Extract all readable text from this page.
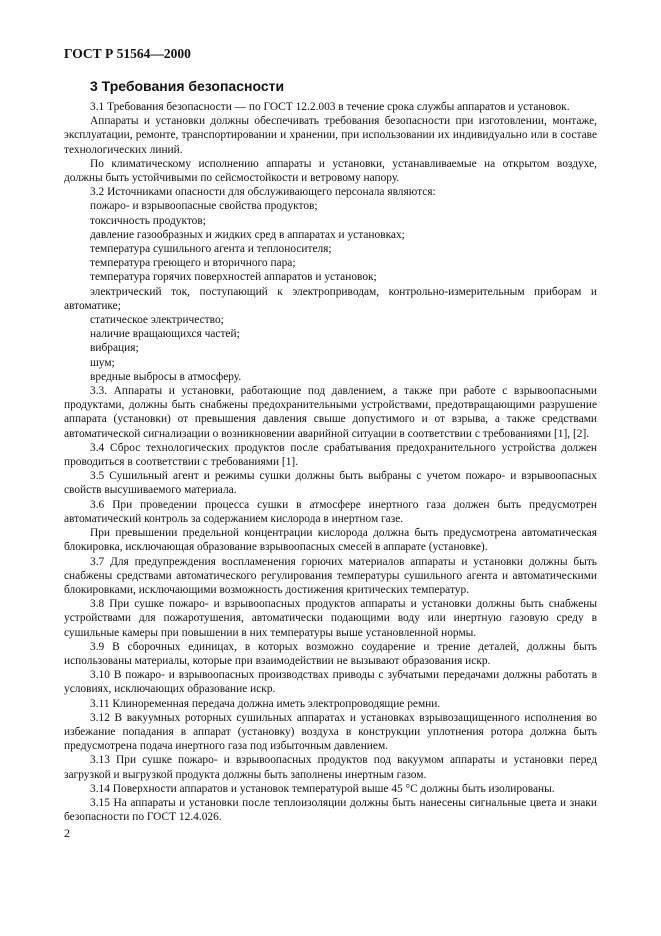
ГОСТ Р 51564—2000
3 Требования безопасности

3.1 Требования безопасности — по ГОСТ 12.2.003 в течение срока службы аппаратов и установок.

Аппараты и установки должны обеспечивать требования безопасности при изготовлении, монтаже, эксплуатации, ремонте, транспортировании и хранении, при использовании их индивидуально или в составе технологических линий.

По климатическому исполнению аппараты и установки, устанавливаемые на открытом воздухе, должны быть устойчивыми по сейсмостойкости и ветровому напору.

3.2 Источниками опасности для обслуживающего персонала являются:

пожаро- и взрывоопасные свойства продуктов;

токсичность продуктов;

давление газообразных и жидких сред в аппаратах и установках;

температура сушильного агента и теплоносителя;

температура греющего и вторичного пара;

температура горячих поверхностей аппаратов и установок;

электрический ток, поступающий к электроприводам, контрольно-измерительным приборам и автоматике;

статическое электричество;

наличие вращающихся частей;

вибрация;

шум;

вредные выбросы в атмосферу.

3.3. Аппараты и установки, работающие под давлением, а также при работе с взрывоопасными продуктами, должны быть снабжены предохранительными устройствами, предотвращающими разрушение аппарата (установки) от превышения давления свыше допустимого и от взрыва, а также средствами автоматической сигнализации о возникновении аварийной ситуации в соответствии с требованиями [1], [2].

3.4 Сброс технологических продуктов после срабатывания предохранительного устройства должен проводиться в соответствии с требованиями [1].

3.5 Сушильный агент и режимы сушки должны быть выбраны с учетом пожаро- и взрывоопасных свойств высушиваемого материала.

3.6 При проведении процесса сушки в атмосфере инертного газа должен быть предусмотрен автоматический контроль за содержанием кислорода в инертном газе.

При превышении предельной концентрации кислорода должна быть предусмотрена автоматическая блокировка, исключающая образование взрывоопасных смесей в аппарате (установке).

3.7 Для предупреждения воспламенения горючих материалов аппараты и установки должны быть снабжены средствами автоматического регулирования температуры сушильного агента и автоматическими блокировками, исключающими возможность достижения критических температур.

3.8 При сушке пожаро- и взрывоопасных продуктов аппараты и установки должны быть снабжены устройствами для пожаротушения, автоматически подающими воду или инертную газовую среду в сушильные камеры при повышении в них температуры выше установленной нормы.

3.9 В сборочных единицах, в которых возможно соударение и трение деталей, должны быть использованы материалы, которые при взаимодействии не вызывают образования искр.

3.10 В пожаро- и взрывоопасных производствах приводы с зубчатыми передачами должны работать в условиях, исключающих образование искр.

3.11 Клиноременная передача должна иметь электропроводящие ремни.

3.12 В вакуумных роторных сушильных аппаратах и установках взрывозащищенного исполнения во избежание попадания в аппарат (установку) воздуха в конструкции уплотнения ротора должна быть предусмотрена подача инертного газа под избыточным давлением.

3.13 При сушке пожаро- и взрывоопасных продуктов под вакуумом аппараты и установки перед загрузкой и выгрузкой продукта должны быть заполнены инертным газом.

3.14 Поверхности аппаратов и установок температурой выше 45 °С должны быть изолированы.

3.15 На аппараты и установки после теплоизоляции должны быть нанесены сигнальные цвета и знаки безопасности по ГОСТ 12.4.026.

2
